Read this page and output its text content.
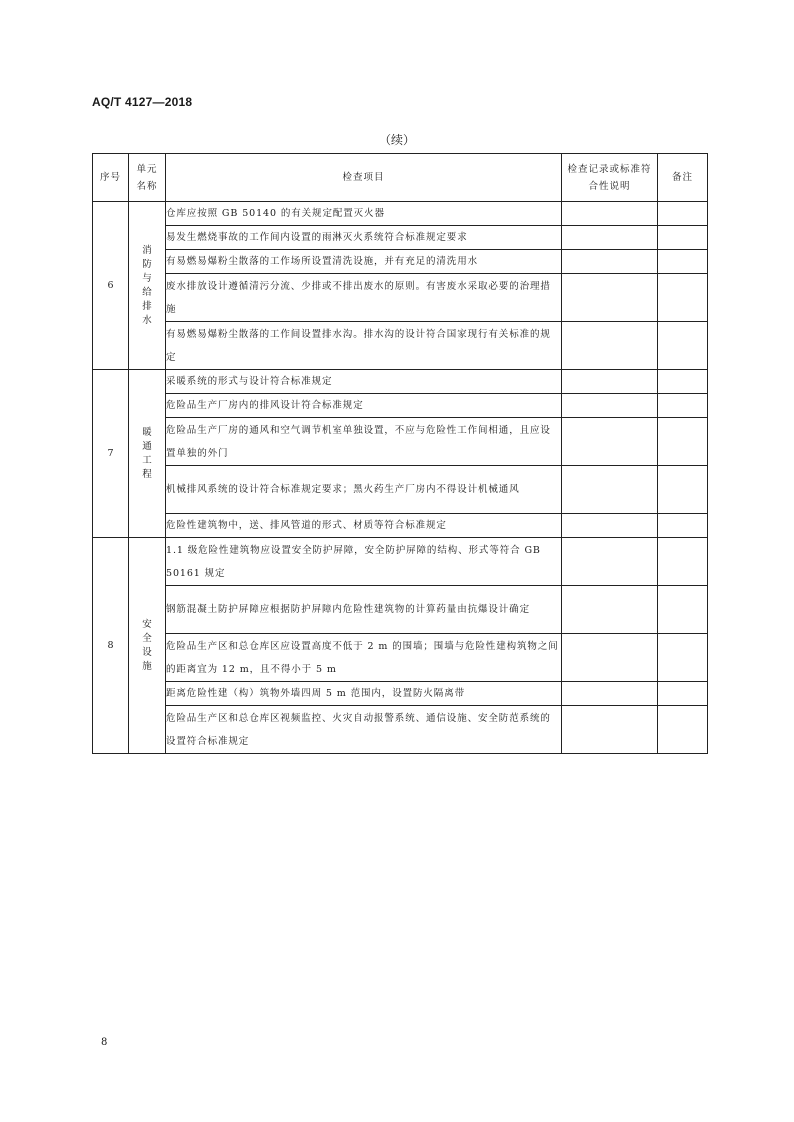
AQ/T 4127—2018
（续）
序号	单元名称	检查项目	检查记录或标准符合性说明	备注
6	消防与给排水	仓库应按照 GB 50140 的有关规定配置灭火器		
		易发生燃烧事故的工作间内设置的雨淋灭火系统符合标准规定要求		
		有易燃易爆粉尘散落的工作场所设置清洗设施，并有充足的清洗用水		
		废水排放设计遵循清污分流、少排或不排出废水的原则。有害废水采取必要的治理措施		
		有易燃易爆粉尘散落的工作间设置排水沟。排水沟的设计符合国家现行有关标准的规定		
7	暖通工程	采暖系统的形式与设计符合标准规定		
		危险品生产厂房内的排风设计符合标准规定		
		危险品生产厂房的通风和空气调节机室单独设置，不应与危险性工作间相通，且应设置单独的外门		
		机械排风系统的设计符合标准规定要求；黑火药生产厂房内不得设计机械通风		
		危险性建筑物中，送、排风管道的形式、材质等符合标准规定		
8	安全设施	1.1 级危险性建筑物应设置安全防护屏障，安全防护屏障的结构、形式等符合 GB 50161 规定		
		钢筋混凝土防护屏障应根据防护屏障内危险性建筑物的计算药量由抗爆设计确定		
		危险品生产区和总仓库区应设置高度不低于 2 m 的围墙；围墙与危险性建构筑物之间的距离宜为 12 m，且不得小于 5 m		
		距离危险性建（构）筑物外墙四周 5 m 范围内，设置防火隔离带		
		危险品生产区和总仓库区视频监控、火灾自动报警系统、通信设施、安全防范系统的设置符合标准规定		
8
